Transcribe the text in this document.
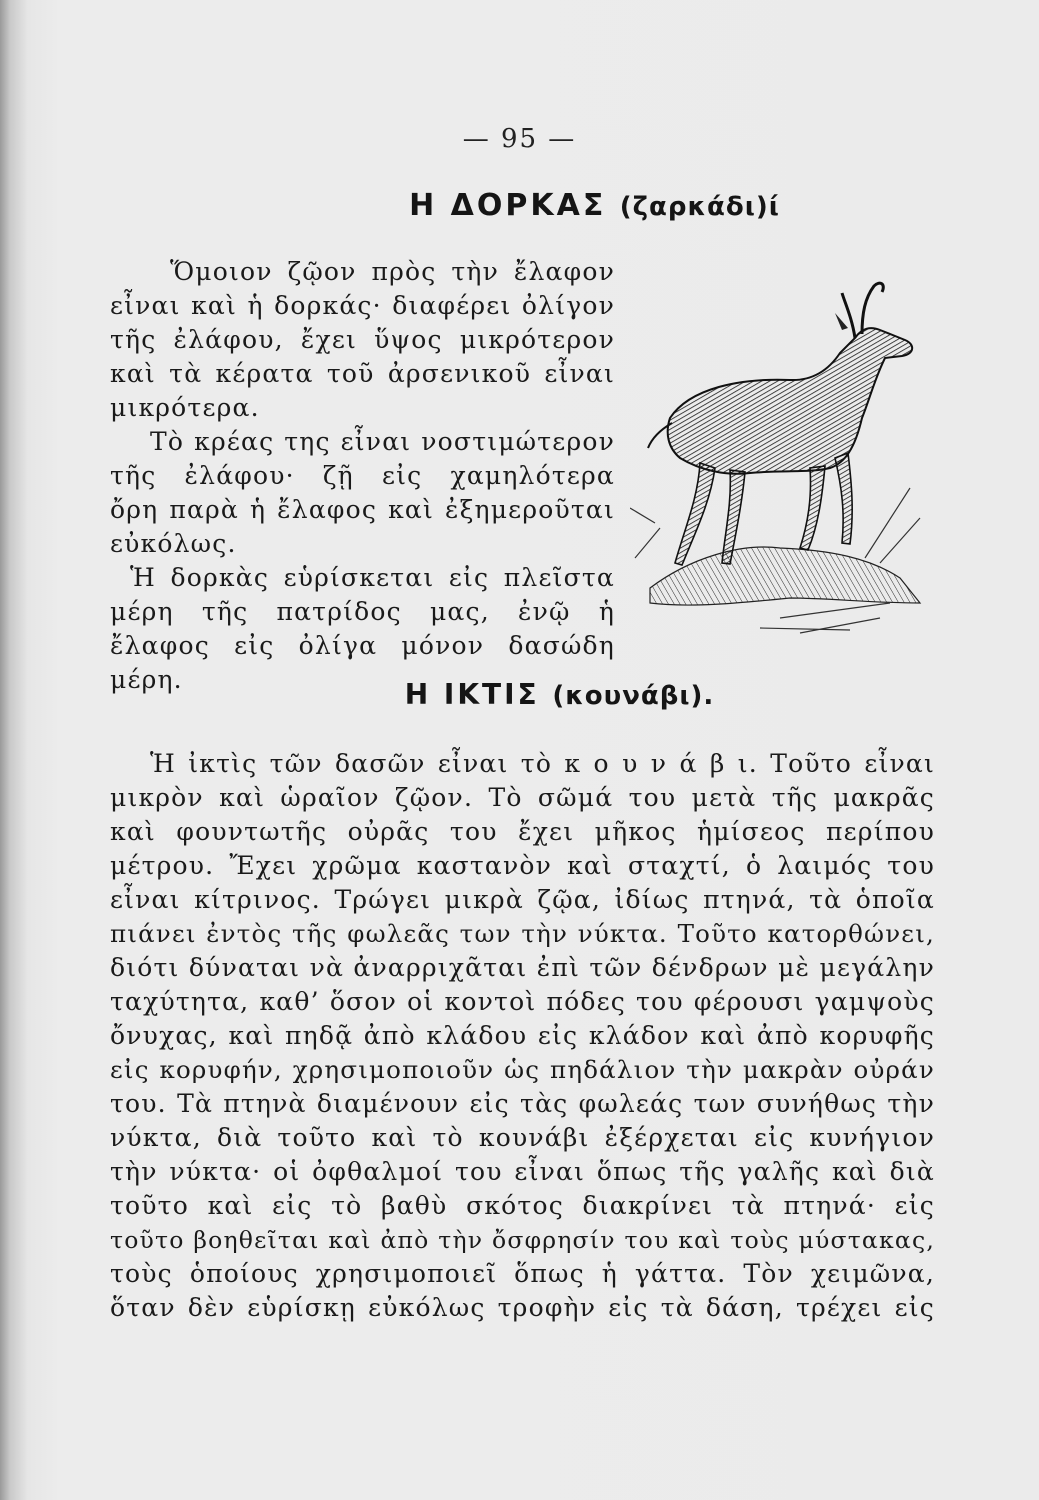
— 95 —
Η ΔΟΡΚΑΣ (ζαρκάδι)ί
Ὅμοιον ζῷον πρὸς τὴν ἔλαφον
εἶναι καὶ ἡ δορκάς· διαφέρει ὀλίγον
τῆς ἐλάφου, ἔχει ὕψος μικρότερον
καὶ τὰ κέρατα τοῦ ἀρσενικοῦ εἶναι
μικρότερα.
Τὸ κρέας της εἶναι νοστιμώτερον
τῆς ἐλάφου· ζῇ εἰς χαμηλότερα
ὄρη παρὰ ἡ ἔλαφος καὶ ἐξημεροῦται
εὐκόλως.
Ἡ δορκὰς εὑρίσκεται εἰς πλεῖστα
μέρη τῆς πατρίδος μας, ἐνῷ ἡ
ἔλαφος εἰς ὀλίγα μόνον δασώδη
μέρη.	Η ΙΚΤΙΣ (κουνάβι).
Ἡ ἰκτὶς τῶν δασῶν εἶναι τὸ κ ο υ ν ά β ι. Τοῦτο εἶναι
μικρὸν καὶ ὡραῖον ζῷον. Τὸ σῶμά του μετὰ τῆς μακρᾶς
καὶ φουντωτῆς οὐρᾶς του ἔχει μῆκος ἡμίσεος περίπου
μέτρου. Ἔχει χρῶμα καστανὸν καὶ σταχτί, ὁ λαιμός του
εἶναι κίτρινος. Τρώγει μικρὰ ζῷα, ἰδίως πτηνά, τὰ ὁποῖα
πιάνει ἐντὸς τῆς φωλεᾶς των τὴν νύκτα. Τοῦτο κατορθώνει,
διότι δύναται νὰ ἀναρριχᾶται ἐπὶ τῶν δένδρων μὲ μεγάλην
ταχύτητα, καθ’ ὅσον οἱ κοντοὶ πόδες του φέρουσι γαμψοὺς
ὄνυχας, καὶ πηδᾷ ἀπὸ κλάδου εἰς κλάδον καὶ ἀπὸ κορυφῆς
εἰς κορυφήν, χρησιμοποιοῦν ὡς πηδάλιον τὴν μακρὰν οὐράν
του. Τὰ πτηνὰ διαμένουν εἰς τὰς φωλεάς των συνήθως τὴν
νύκτα, διὰ τοῦτο καὶ τὸ κουνάβι ἐξέρχεται εἰς κυνήγιον
τὴν νύκτα· οἱ ὀφθαλμοί του εἶναι ὅπως τῆς γαλῆς καὶ διὰ
τοῦτο καὶ εἰς τὸ βαθὺ σκότος διακρίνει τὰ πτηνά· εἰς
τοῦτο βοηθεῖται καὶ ἀπὸ τὴν ὄσφρησίν του καὶ τοὺς μύστακας,
τοὺς ὁποίους χρησιμοποιεῖ ὅπως ἡ γάττα. Τὸν χειμῶνα,
ὅταν δὲν εὑρίσκῃ εὐκόλως τροφὴν εἰς τὰ δάση, τρέχει εἰς
